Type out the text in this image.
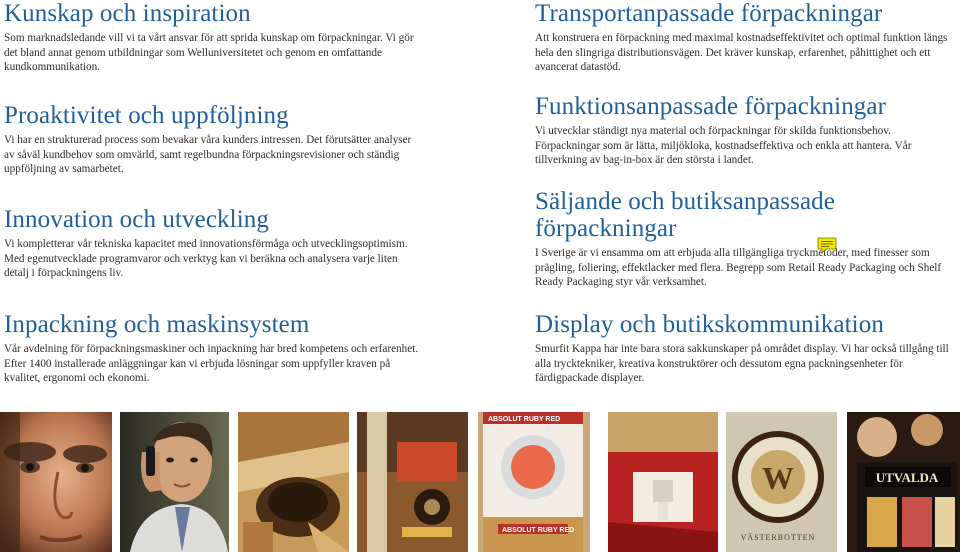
Kunskap och inspiration

Som marknadsledande vill vi ta vårt ansvar för att sprida kunskap om förpackningar. Vi gör det bland annat genom utbildningar som Welluniversitetet och genom en omfattande kundkommunikation.

Proaktivitet och uppföljning

Vi har en strukturerad process som bevakar våra kunders intressen. Det förutsätter analyser av såväl kundbehov som omvärld, samt regelbundna förpackningsrevisioner och ständig uppföljning av samarbetet.

Innovation och utveckling

Vi kompletterar vår tekniska kapacitet med innovationsförmåga och utvecklingsoptimism. Med egenutvecklade programvaror och verktyg kan vi beräkna och analysera varje liten detalj i förpackningens liv.

Inpackning och maskinsystem

Vår avdelning för förpackningsmaskiner och inpackning har bred kompetens och erfarenhet. Efter 1400 installerade anläggningar kan vi erbjuda lösningar som uppfyller kraven på kvalitet, ergonomi och ekonomi.

Transportanpassade förpackningar

Att konstruera en förpackning med maximal kostnadseffektivitet och optimal funktion längs hela den slingriga distributionsvägen. Det kräver kunskap, erfarenhet, påhittighet och ett avancerat datastöd.

Funktionsanpassade förpackningar

Vi utvecklar ständigt nya material och förpackningar för skilda funktionsbehov. Förpackningar som är lätta, miljökloka, kostnadseffektiva och enkla att hantera. Vår tillverkning av bag-in-box är den största i landet.

Säljande och butiksanpassade förpackningar

I Sverige är vi ensamma om att erbjuda alla tillgängliga tryckmetoder, med finesser som prägling, foliering, effektlacker med flera. Begrepp som Retail Ready Packaging och Shelf Ready Packaging styr vår verksamhet.

Display och butikskommunikation

Smurfit Kappa har inte bara stora sakkunskaper på området display. Vi har också tillgång till alla trycktekniker, kreativa konstruktörer och dessutom egna packningsenheter för färdigpackade displayer.

ABSOLUT RUBY RED
ABSOLUT RUBY RED
W
VÄSTERBOTTEN
UTVALDA
